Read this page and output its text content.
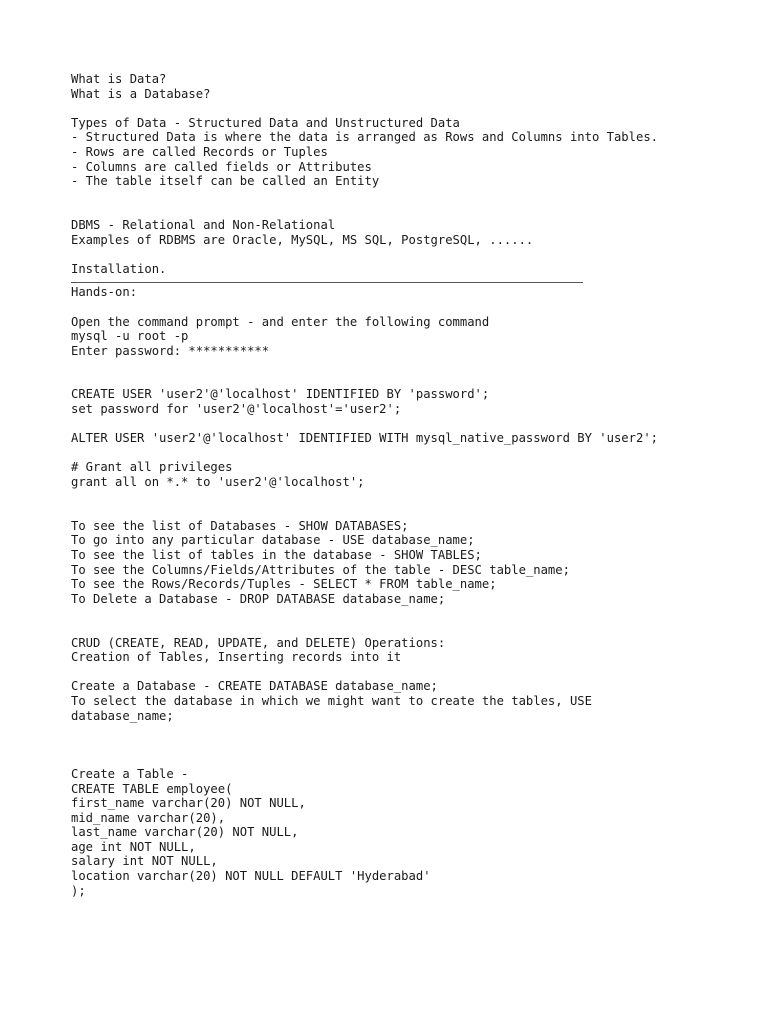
What is Data?
What is a Database?
Types of Data - Structured Data and Unstructured Data
- Structured Data is where the data is arranged as Rows and Columns into Tables.
- Rows are called Records or Tuples
- Columns are called fields or Attributes
- The table itself can be called an Entity
DBMS - Relational and Non-Relational
Examples of RDBMS are Oracle, MySQL, MS SQL, PostgreSQL, ......
Installation.
Hands-on:
Open the command prompt - and enter the following command
mysql -u root -p
Enter password: ***********
CREATE USER 'user2'@'localhost' IDENTIFIED BY 'password';
set password for 'user2'@'localhost'='user2';
ALTER USER 'user2'@'localhost' IDENTIFIED WITH mysql_native_password BY 'user2';
# Grant all privileges
grant all on *.* to 'user2'@'localhost';
To see the list of Databases - SHOW DATABASES;
To go into any particular database - USE database_name;
To see the list of tables in the database - SHOW TABLES;
To see the Columns/Fields/Attributes of the table - DESC table_name;
To see the Rows/Records/Tuples - SELECT * FROM table_name;
To Delete a Database - DROP DATABASE database_name;
CRUD (CREATE, READ, UPDATE, and DELETE) Operations:
Creation of Tables, Inserting records into it
Create a Database - CREATE DATABASE database_name;
To select the database in which we might want to create the tables, USE
database_name;
Create a Table -
CREATE TABLE employee(
first_name varchar(20) NOT NULL,
mid_name varchar(20),
last_name varchar(20) NOT NULL,
age int NOT NULL,
salary int NOT NULL,
location varchar(20) NOT NULL DEFAULT 'Hyderabad'
);
